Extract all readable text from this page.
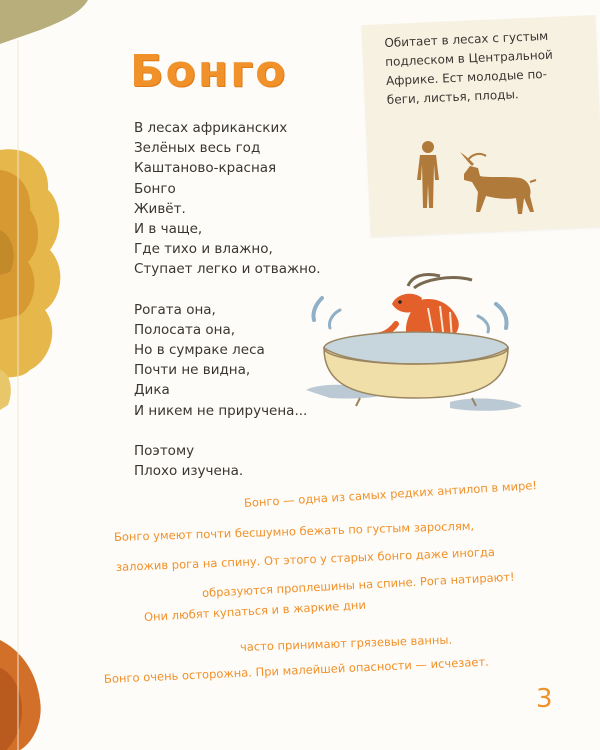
Бонго

Обитает в лесах с густым
подлеском в Центральной
Африке. Ест молодые по-
беги, листья, плоды.

В лесах африканских
Зелёных весь год
Каштаново-красная
Бонго
Живёт.
И в чаще,
Где тихо и влажно,
Ступает легко и отважно.
Рогата она,
Полосата она,
Но в сумраке леса
Почти не видна,
Дика
И никем не приручена...
Поэтому
Плохо изучена.

Бонго — одна из самых редких антилоп в мире!

Бонго умеют почти бесшумно бежать по густым зарослям,

заложив рога на спину. От этого у старых бонго даже иногда

образуются проплешины на спине. Рога натирают!

Они любят купаться и в жаркие дни

часто принимают грязевые ванны.

Бонго очень осторожна. При малейшей опасности — исчезает.

3
